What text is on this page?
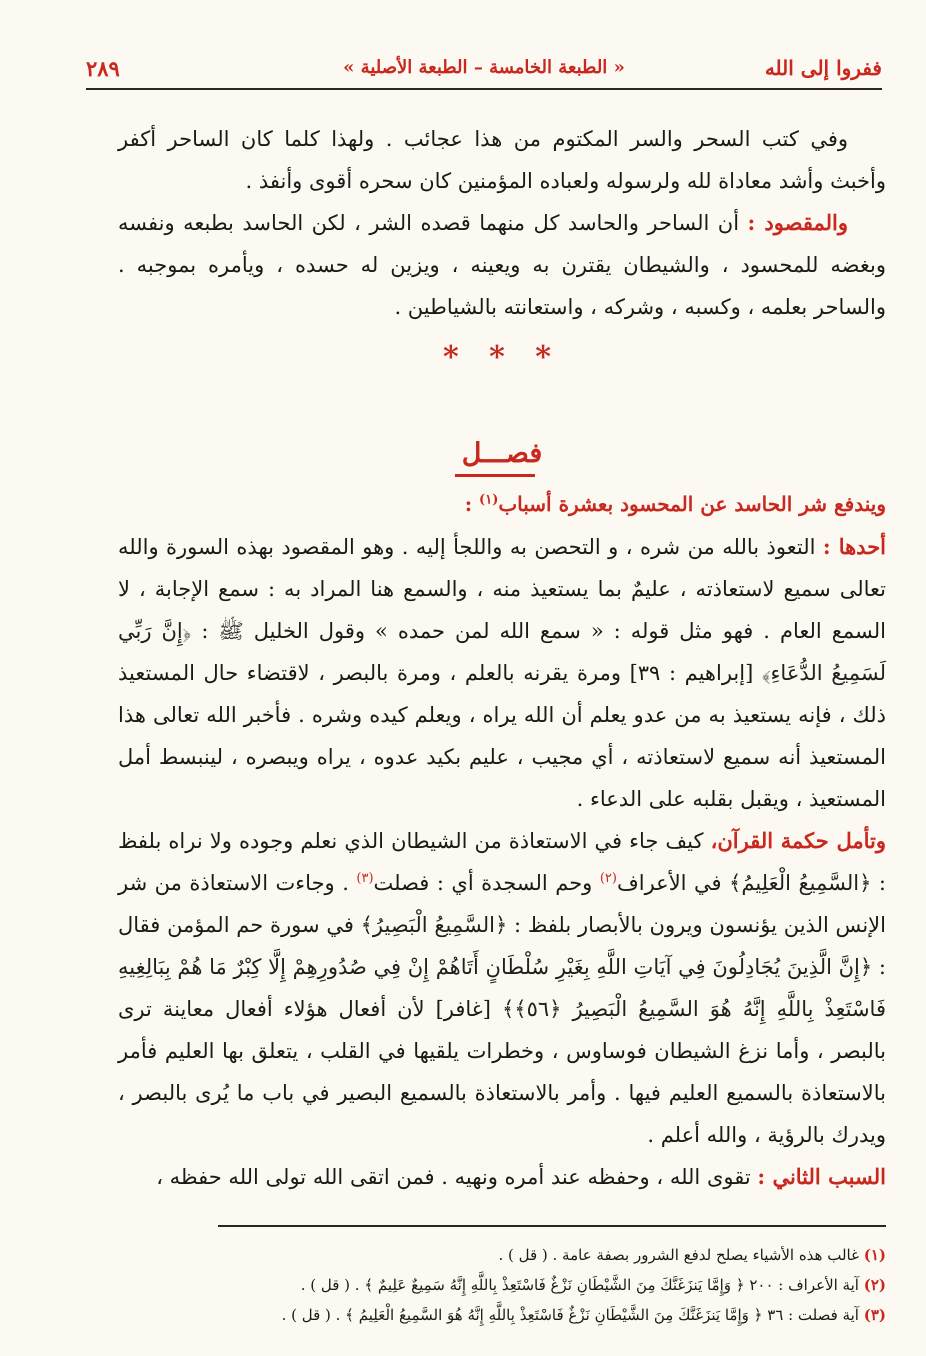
٢٨٩	« الطبعة الخامسة – الطبعة الأصلية »	ففروا إلى الله

وفي كتب السحر والسر المكتوم من هذا عجائب . ولهذا كلما كان الساحر أكفر وأخبث وأشد معاداة لله ولرسوله ولعباده المؤمنين كان سحره أقوى وأنفذ .

والمقصود : أن الساحر والحاسد كل منهما قصده الشر ، لكن الحاسد بطبعه ونفسه وبغضه للمحسود ، والشيطان يقترن به ويعينه ، ويزين له حسده ، ويأمره بموجبه . والساحر بعلمه ، وكسبه ، وشركه ، واستعانته بالشياطين .

* * *
فصـــل
ويندفع شر الحاسد عن المحسود بعشرة أسباب$^{(١)}$ :

أحدها : التعوذ بالله من شره ، و التحصن به واللجأ إليه . وهو المقصود بهذه السورة والله تعالى سميع لاستعاذته ، عليمٌ بما يستعيذ منه ، والسمع هنا المراد به : سمع الإجابة ، لا السمع العام . فهو مثل قوله : « سمع الله لمن حمده » وقول الخليل ﷺ : ﴿إِنَّ رَبِّي لَسَمِيعُ الدُّعَاءِ﴾ [إبراهيم : ٣٩] ومرة يقرنه بالعلم ، ومرة بالبصر ، لاقتضاء حال المستعيذ ذلك ، فإنه يستعيذ به من عدو يعلم أن الله يراه ، ويعلم كيده وشره . فأخبر الله تعالى هذا المستعيذ أنه سميع لاستعاذته ، أي مجيب ، عليم بكيد عدوه ، يراه ويبصره ، لينبسط أمل المستعيذ ، ويقبل بقلبه على الدعاء .

وتأمل حكمة القرآن، كيف جاء في الاستعاذة من الشيطان الذي نعلم وجوده ولا نراه بلفظ : ﴿السَّمِيعُ الْعَلِيمُ﴾ في الأعراف$^{(٢)}$ وحم السجدة أي : فصلت$^{(٣)}$ . وجاءت الاستعاذة من شر الإنس الذين يؤنسون ويرون بالأبصار بلفظ : ﴿السَّمِيعُ الْبَصِيرُ﴾ في سورة حم المؤمن فقال : ﴿إِنَّ الَّذِينَ يُجَادِلُونَ فِي آيَاتِ اللَّهِ بِغَيْرِ سُلْطَانٍ أَتَاهُمْ إِنْ فِي صُدُورِهِمْ إِلَّا كِبْرٌ مَا هُمْ بِبَالِغِيهِ فَاسْتَعِذْ بِاللَّهِ إِنَّهُ هُوَ السَّمِيعُ الْبَصِيرُ ﴿٥٦﴾﴾ [غافر] لأن أفعال هؤلاء أفعال معاينة ترى بالبصر ، وأما نزغ الشيطان فوساوس ، وخطرات يلقيها في القلب ، يتعلق بها العليم فأمر بالاستعاذة بالسميع العليم فيها . وأمر بالاستعاذة بالسميع البصير في باب ما يُرى بالبصر ، ويدرك بالرؤية ، والله أعلم .

السبب الثاني : تقوى الله ، وحفظه عند أمره ونهيه . فمن اتقى الله تولى الله حفظه ،

(١) غالب هذه الأشياء يصلح لدفع الشرور بصفة عامة . ( قل ) .

(٢) آية الأعراف : ٢٠٠ ﴿ وَإِمَّا يَنزَغَنَّكَ مِنَ الشَّيْطَانِ نَزْغٌ فَاسْتَعِذْ بِاللَّهِ إِنَّهُ سَمِيعٌ عَلِيمٌ ﴾ . ( قل ) .

(٣) آية فصلت : ٣٦ ﴿ وَإِمَّا يَنزَغَنَّكَ مِنَ الشَّيْطَانِ نَزْغٌ فَاسْتَعِذْ بِاللَّهِ إِنَّهُ هُوَ السَّمِيعُ الْعَلِيمُ ﴾ . ( قل ) .
